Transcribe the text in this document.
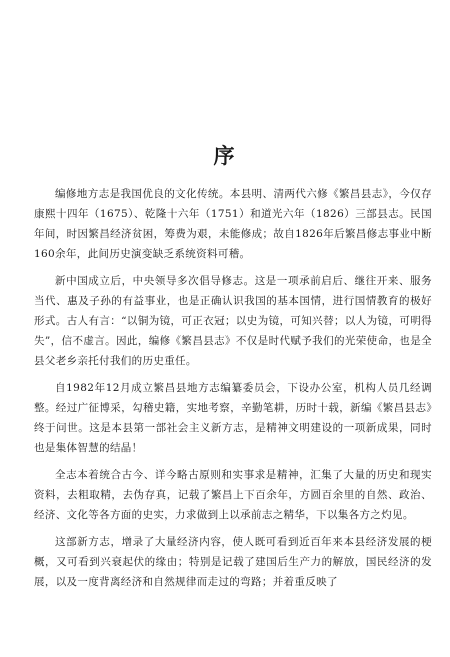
序

编修地方志是我国优良的文化传统。本县明、清两代六修《繁昌县志》，今仅存康熙十四年（1675）、乾隆十六年（1751）和道光六年（1826）三部县志。民国年间，时因繁昌经济贫困，筹费为艰，未能修成；故自1826年后繁昌修志事业中断160余年，此间历史演变缺乏系统资料可稽。

新中国成立后，中央领导多次倡导修志。这是一项承前启后、继往开来、服务当代、惠及子孙的有益事业，也是正确认识我国的基本国情，进行国情教育的极好形式。古人有言：“以铜为镜，可正衣冠；以史为镜，可知兴替；以人为镜，可明得失”，信不虚言。因此，编修《繁昌县志》不仅是时代赋予我们的光荣使命，也是全县父老乡亲托付我们的历史重任。

自1982年12月成立繁昌县地方志编纂委员会，下设办公室，机构人员几经调整。经过广征博采，勾稽史籍，实地考察，辛勤笔耕，历时十载，新编《繁昌县志》终于问世。这是本县第一部社会主义新方志，是精神文明建设的一项新成果，同时也是集体智慧的结晶！

全志本着统合古今、详今略古原则和实事求是精神，汇集了大量的历史和现实资料，去粗取精，去伪存真，记载了繁昌上下百余年，方圆百余里的自然、政治、经济、文化等各方面的史实，力求做到上以承前志之精华，下以集各方之灼见。

这部新方志，增录了大量经济内容，使人既可看到近百年来本县经济发展的梗概，又可看到兴衰起伏的缘由；特别是记载了建国后生产力的解放，国民经济的发展，以及一度背离经济和自然规律而走过的弯路；并着重反映了
